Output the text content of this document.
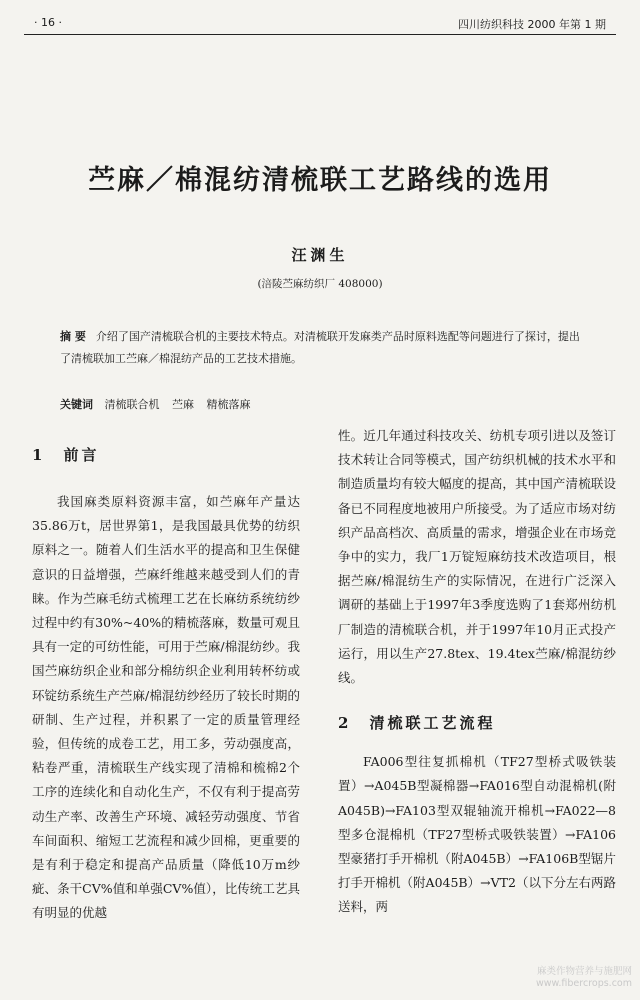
· 16 ·	四川纺织科技 2000 年第 1 期
苎麻／棉混纺清梳联工艺路线的选用
汪渊生
(涪陵苎麻纺织厂 408000)
摘 要 介绍了国产清梳联合机的主要技术特点。对清梳联开发麻类产品时原料选配等问题进行了探讨，提出了清梳联加工苎麻／棉混纺产品的工艺技术措施。
关键词 清梳联合机 苎麻 精梳落麻
1 前言

我国麻类原料资源丰富，如苎麻年产量达35.86万t，居世界第1，是我国最具优势的纺织原料之一。随着人们生活水平的提高和卫生保健意识的日益增强，苎麻纤维越来越受到人们的青睐。作为苎麻毛纺式梳理工艺在长麻纺系统纺纱过程中约有30%~40%的精梳落麻，数量可观且具有一定的可纺性能，可用于苎麻/棉混纺纱。我国苎麻纺织企业和部分棉纺织企业利用转杯纺或环锭纺系统生产苎麻/棉混纺纱经历了较长时期的研制、生产过程，并积累了一定的质量管理经验，但传统的成卷工艺，用工多，劳动强度高，粘卷严重，清梳联生产线实现了清棉和梳棉2个工序的连续化和自动化生产，不仅有利于提高劳动生产率、改善生产环境、减轻劳动强度、节省车间面积、缩短工艺流程和减少回棉，更重要的是有利于稳定和提高产品质量（降低10万m纱疵、条干CV%值和单强CV%值），比传统工艺具有明显的优越

性。近几年通过科技攻关、纺机专项引进以及签订技术转让合同等模式，国产纺织机械的技术水平和制造质量均有较大幅度的提高，其中国产清梳联设备已不同程度地被用户所接受。为了适应市场对纺织产品高档次、高质量的需求，增强企业在市场竞争中的实力，我厂1万锭短麻纺技术改造项目，根据苎麻/棉混纺生产的实际情况，在进行广泛深入调研的基础上于1997年3季度选购了1套郑州纺机厂制造的清梳联合机，并于1997年10月正式投产运行，用以生产27.8tex、19.4tex苎麻/棉混纺纱线。

2 清梳联工艺流程

FA006型往复抓棉机（TF27型桥式吸铁装置）→A045B型凝棉器→FA016型自动混棉机(附A045B)→FA103型双辊轴流开棉机→FA022—8型多仓混棉机（TF27型桥式吸铁装置）→FA106型豪猪打手开棉机（附A045B）→FA106B型锯片打手开棉机（附A045B）→VT2（以下分左右两路送料，两

麻类作物营养与施肥网
www.fibercrops.com
